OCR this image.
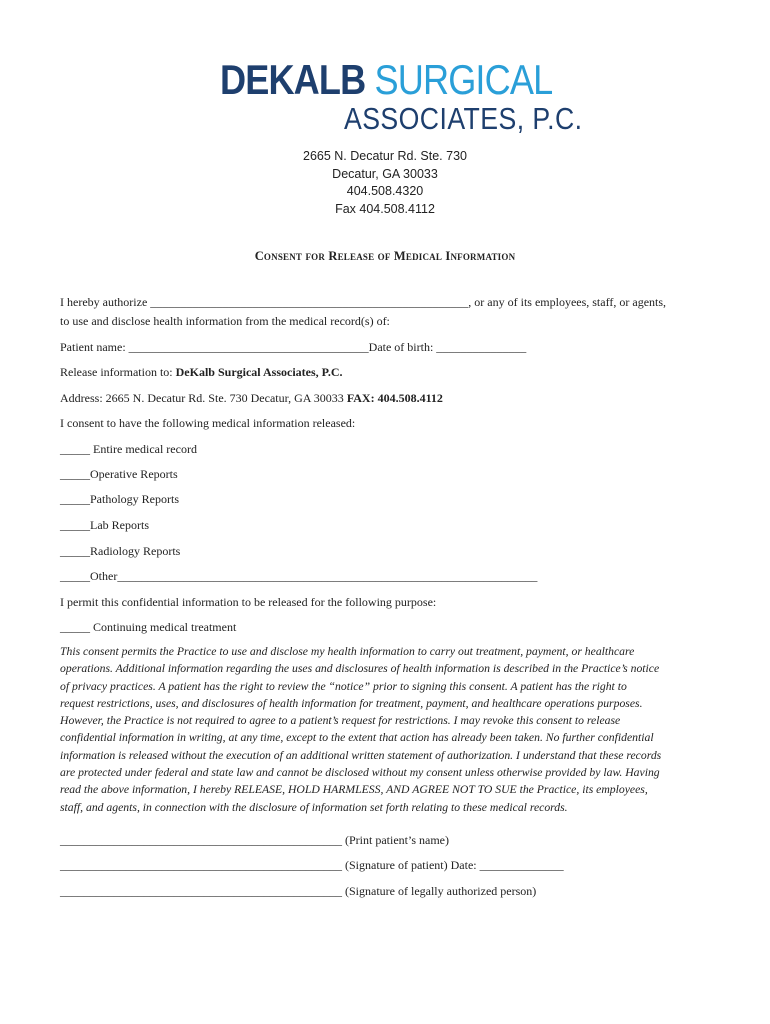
DEKALB SURGICAL
ASSOCIATES, P.C.
2665 N. Decatur Rd. Ste. 730
Decatur, GA 30033
404.508.4320
Fax 404.508.4112
Consent for Release of Medical Information
I hereby authorize _____________________________________________________, or any of its employees, staff, or agents,
to use and disclose health information from the medical record(s) of:
Patient name: ________________________________________Date of birth: _______________
Release information to: DeKalb Surgical Associates, P.C.
Address: 2665 N. Decatur Rd. Ste. 730 Decatur, GA 30033 FAX: 404.508.4112
I consent to have the following medical information released:
_____ Entire medical record
_____Operative Reports
_____Pathology Reports
_____Lab Reports
_____Radiology Reports
_____Other______________________________________________________________________
I permit this confidential information to be released for the following purpose:
_____ Continuing medical treatment
This consent permits the Practice to use and disclose my health information to carry out treatment, payment, or healthcare
operations. Additional information regarding the uses and disclosures of health information is described in the Practice’s notice
of privacy practices. A patient has the right to review the “notice” prior to signing this consent. A patient has the right to
request restrictions, uses, and disclosures of health information for treatment, payment, and healthcare operations purposes.
However, the Practice is not required to agree to a patient’s request for restrictions. I may revoke this consent to release
confidential information in writing, at any time, except to the extent that action has already been taken. No further confidential
information is released without the execution of an additional written statement of authorization. I understand that these records
are protected under federal and state law and cannot be disclosed without my consent unless otherwise provided by law. Having
read the above information, I hereby RELEASE, HOLD HARMLESS, AND AGREE NOT TO SUE the Practice, its employees,
staff, and agents, in connection with the disclosure of information set forth relating to these medical records.
_______________________________________________ (Print patient’s name)
_______________________________________________ (Signature of patient) Date: ______________
_______________________________________________ (Signature of legally authorized person)
